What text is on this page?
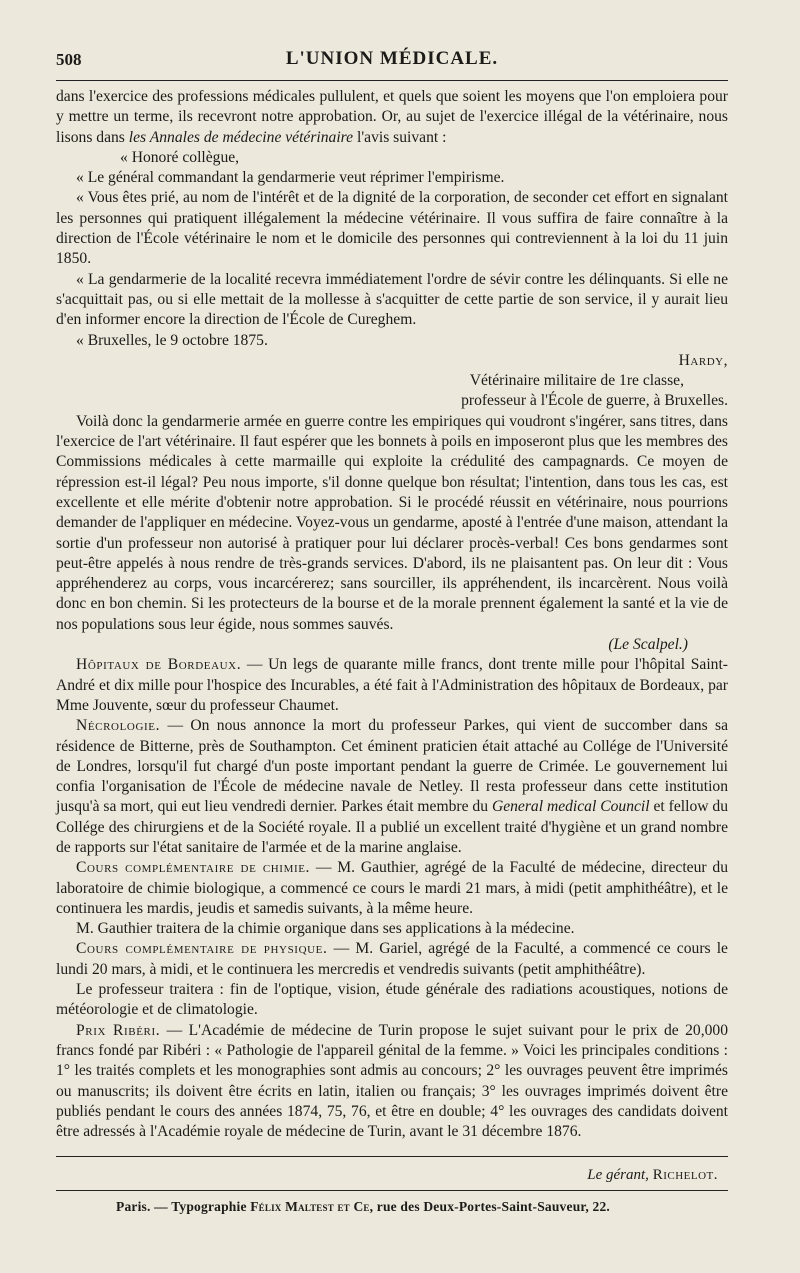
508	L'UNION MÉDICALE.

dans l'exercice des professions médicales pullulent, et quels que soient les moyens que l'on emploiera pour y mettre un terme, ils recevront notre approbation. Or, au sujet de l'exercice illégal de la vétérinaire, nous lisons dans les Annales de médecine vétérinaire l'avis suivant :

« Honoré collègue,

« Le général commandant la gendarmerie veut réprimer l'empirisme.

« Vous êtes prié, au nom de l'intérêt et de la dignité de la corporation, de seconder cet effort en signalant les personnes qui pratiquent illégalement la médecine vétérinaire. Il vous suffira de faire connaître à la direction de l'École vétérinaire le nom et le domicile des personnes qui contreviennent à la loi du 11 juin 1850.

« La gendarmerie de la localité recevra immédiatement l'ordre de sévir contre les délinquants. Si elle ne s'acquittait pas, ou si elle mettait de la mollesse à s'acquitter de cette partie de son service, il y aurait lieu d'en informer encore la direction de l'École de Cureghem.

« Bruxelles, le 9 octobre 1875.

Hardy,

Vétérinaire militaire de 1re classe,

professeur à l'École de guerre, à Bruxelles.

Voilà donc la gendarmerie armée en guerre contre les empiriques qui voudront s'ingérer, sans titres, dans l'exercice de l'art vétérinaire. Il faut espérer que les bonnets à poils en imposeront plus que les membres des Commissions médicales à cette marmaille qui exploite la crédulité des campagnards. Ce moyen de répression est-il légal? Peu nous importe, s'il donne quelque bon résultat; l'intention, dans tous les cas, est excellente et elle mérite d'obtenir notre approbation. Si le procédé réussit en vétérinaire, nous pourrions demander de l'appliquer en médecine. Voyez-vous un gendarme, aposté à l'entrée d'une maison, attendant la sortie d'un professeur non autorisé à pratiquer pour lui déclarer procès-verbal! Ces bons gendarmes sont peut-être appelés à nous rendre de très-grands services. D'abord, ils ne plaisantent pas. On leur dit : Vous appréhenderez au corps, vous incarcérerez; sans sourciller, ils appréhendent, ils incarcèrent. Nous voilà donc en bon chemin. Si les protecteurs de la bourse et de la morale prennent également la santé et la vie de nos populations sous leur égide, nous sommes sauvés.

(Le Scalpel.)

Hôpitaux de Bordeaux. — Un legs de quarante mille francs, dont trente mille pour l'hôpital Saint-André et dix mille pour l'hospice des Incurables, a été fait à l'Administration des hôpitaux de Bordeaux, par Mme Jouvente, sœur du professeur Chaumet.

Nécrologie. — On nous annonce la mort du professeur Parkes, qui vient de succomber dans sa résidence de Bitterne, près de Southampton. Cet éminent praticien était attaché au Collége de l'Université de Londres, lorsqu'il fut chargé d'un poste important pendant la guerre de Crimée. Le gouvernement lui confia l'organisation de l'École de médecine navale de Netley. Il resta professeur dans cette institution jusqu'à sa mort, qui eut lieu vendredi dernier. Parkes était membre du General medical Council et fellow du Collége des chirurgiens et de la Société royale. Il a publié un excellent traité d'hygiène et un grand nombre de rapports sur l'état sanitaire de l'armée et de la marine anglaise.

Cours complémentaire de chimie. — M. Gauthier, agrégé de la Faculté de médecine, directeur du laboratoire de chimie biologique, a commencé ce cours le mardi 21 mars, à midi (petit amphithéâtre), et le continuera les mardis, jeudis et samedis suivants, à la même heure.

M. Gauthier traitera de la chimie organique dans ses applications à la médecine.

Cours complémentaire de physique. — M. Gariel, agrégé de la Faculté, a commencé ce cours le lundi 20 mars, à midi, et le continuera les mercredis et vendredis suivants (petit amphithéâtre).

Le professeur traitera : fin de l'optique, vision, étude générale des radiations acoustiques, notions de météorologie et de climatologie.

Prix Ribéri. — L'Académie de médecine de Turin propose le sujet suivant pour le prix de 20,000 francs fondé par Ribéri : « Pathologie de l'appareil génital de la femme. » Voici les principales conditions : 1° les traités complets et les monographies sont admis au concours; 2° les ouvrages peuvent être imprimés ou manuscrits; ils doivent être écrits en latin, italien ou français; 3° les ouvrages imprimés doivent être publiés pendant le cours des années 1874, 75, 76, et être en double; 4° les ouvrages des candidats doivent être adressés à l'Académie royale de médecine de Turin, avant le 31 décembre 1876.

Le gérant, Richelot.
Paris. — Typographie Félix Maltest et Ce, rue des Deux-Portes-Saint-Sauveur, 22.
